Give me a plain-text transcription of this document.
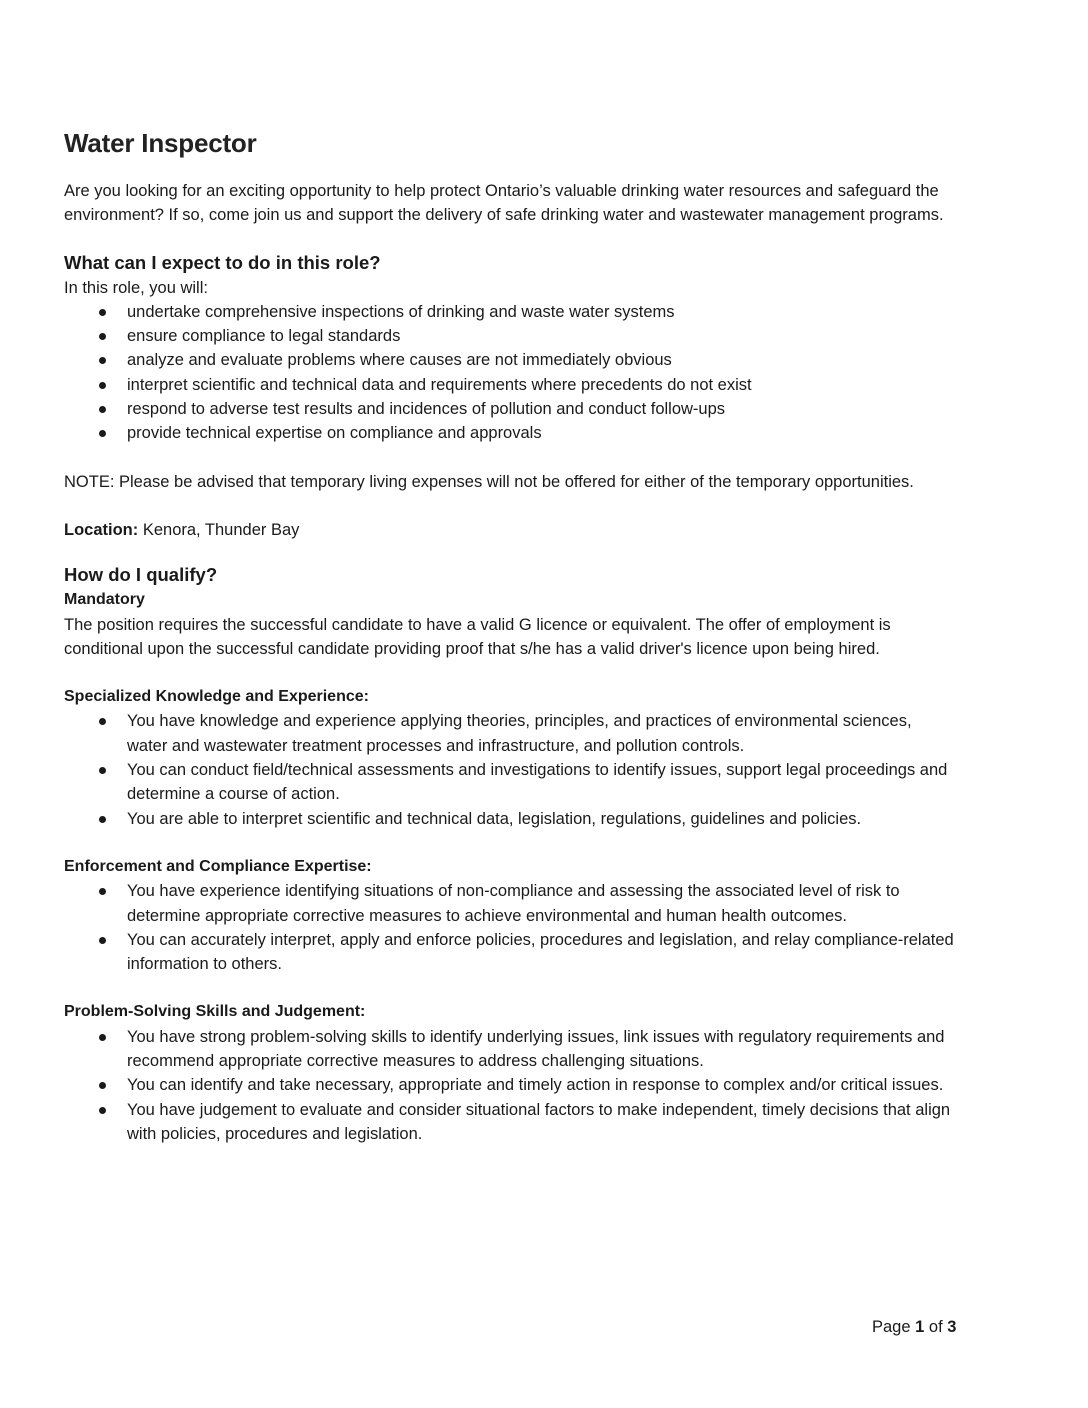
Water Inspector

Are you looking for an exciting opportunity to help protect Ontario’s valuable drinking water resources and safeguard the environment? If so, come join us and support the delivery of safe drinking water and wastewater management programs.

What can I expect to do in this role?

In this role, you will:

undertake comprehensive inspections of drinking and waste water systems
ensure compliance to legal standards
analyze and evaluate problems where causes are not immediately obvious
interpret scientific and technical data and requirements where precedents do not exist
respond to adverse test results and incidences of pollution and conduct follow-ups
provide technical expertise on compliance and approvals

NOTE: Please be advised that temporary living expenses will not be offered for either of the temporary opportunities.

Location: Kenora, Thunder Bay

How do I qualify?
Mandatory

The position requires the successful candidate to have a valid G licence or equivalent. The offer of employment is conditional upon the successful candidate providing proof that s/he has a valid driver's licence upon being hired.

Specialized Knowledge and Experience:
You have knowledge and experience applying theories, principles, and practices of environmental sciences, water and wastewater treatment processes and infrastructure, and pollution controls.
You can conduct field/technical assessments and investigations to identify issues, support legal proceedings and determine a course of action.
You are able to interpret scientific and technical data, legislation, regulations, guidelines and policies.
Enforcement and Compliance Expertise:
You have experience identifying situations of non-compliance and assessing the associated level of risk to determine appropriate corrective measures to achieve environmental and human health outcomes.
You can accurately interpret, apply and enforce policies, procedures and legislation, and relay compliance-related information to others.
Problem-Solving Skills and Judgement:
You have strong problem-solving skills to identify underlying issues, link issues with regulatory requirements and recommend appropriate corrective measures to address challenging situations.
You can identify and take necessary, appropriate and timely action in response to complex and/or critical issues.
You have judgement to evaluate and consider situational factors to make independent, timely decisions that align with policies, procedures and legislation.
Page 1 of 3
